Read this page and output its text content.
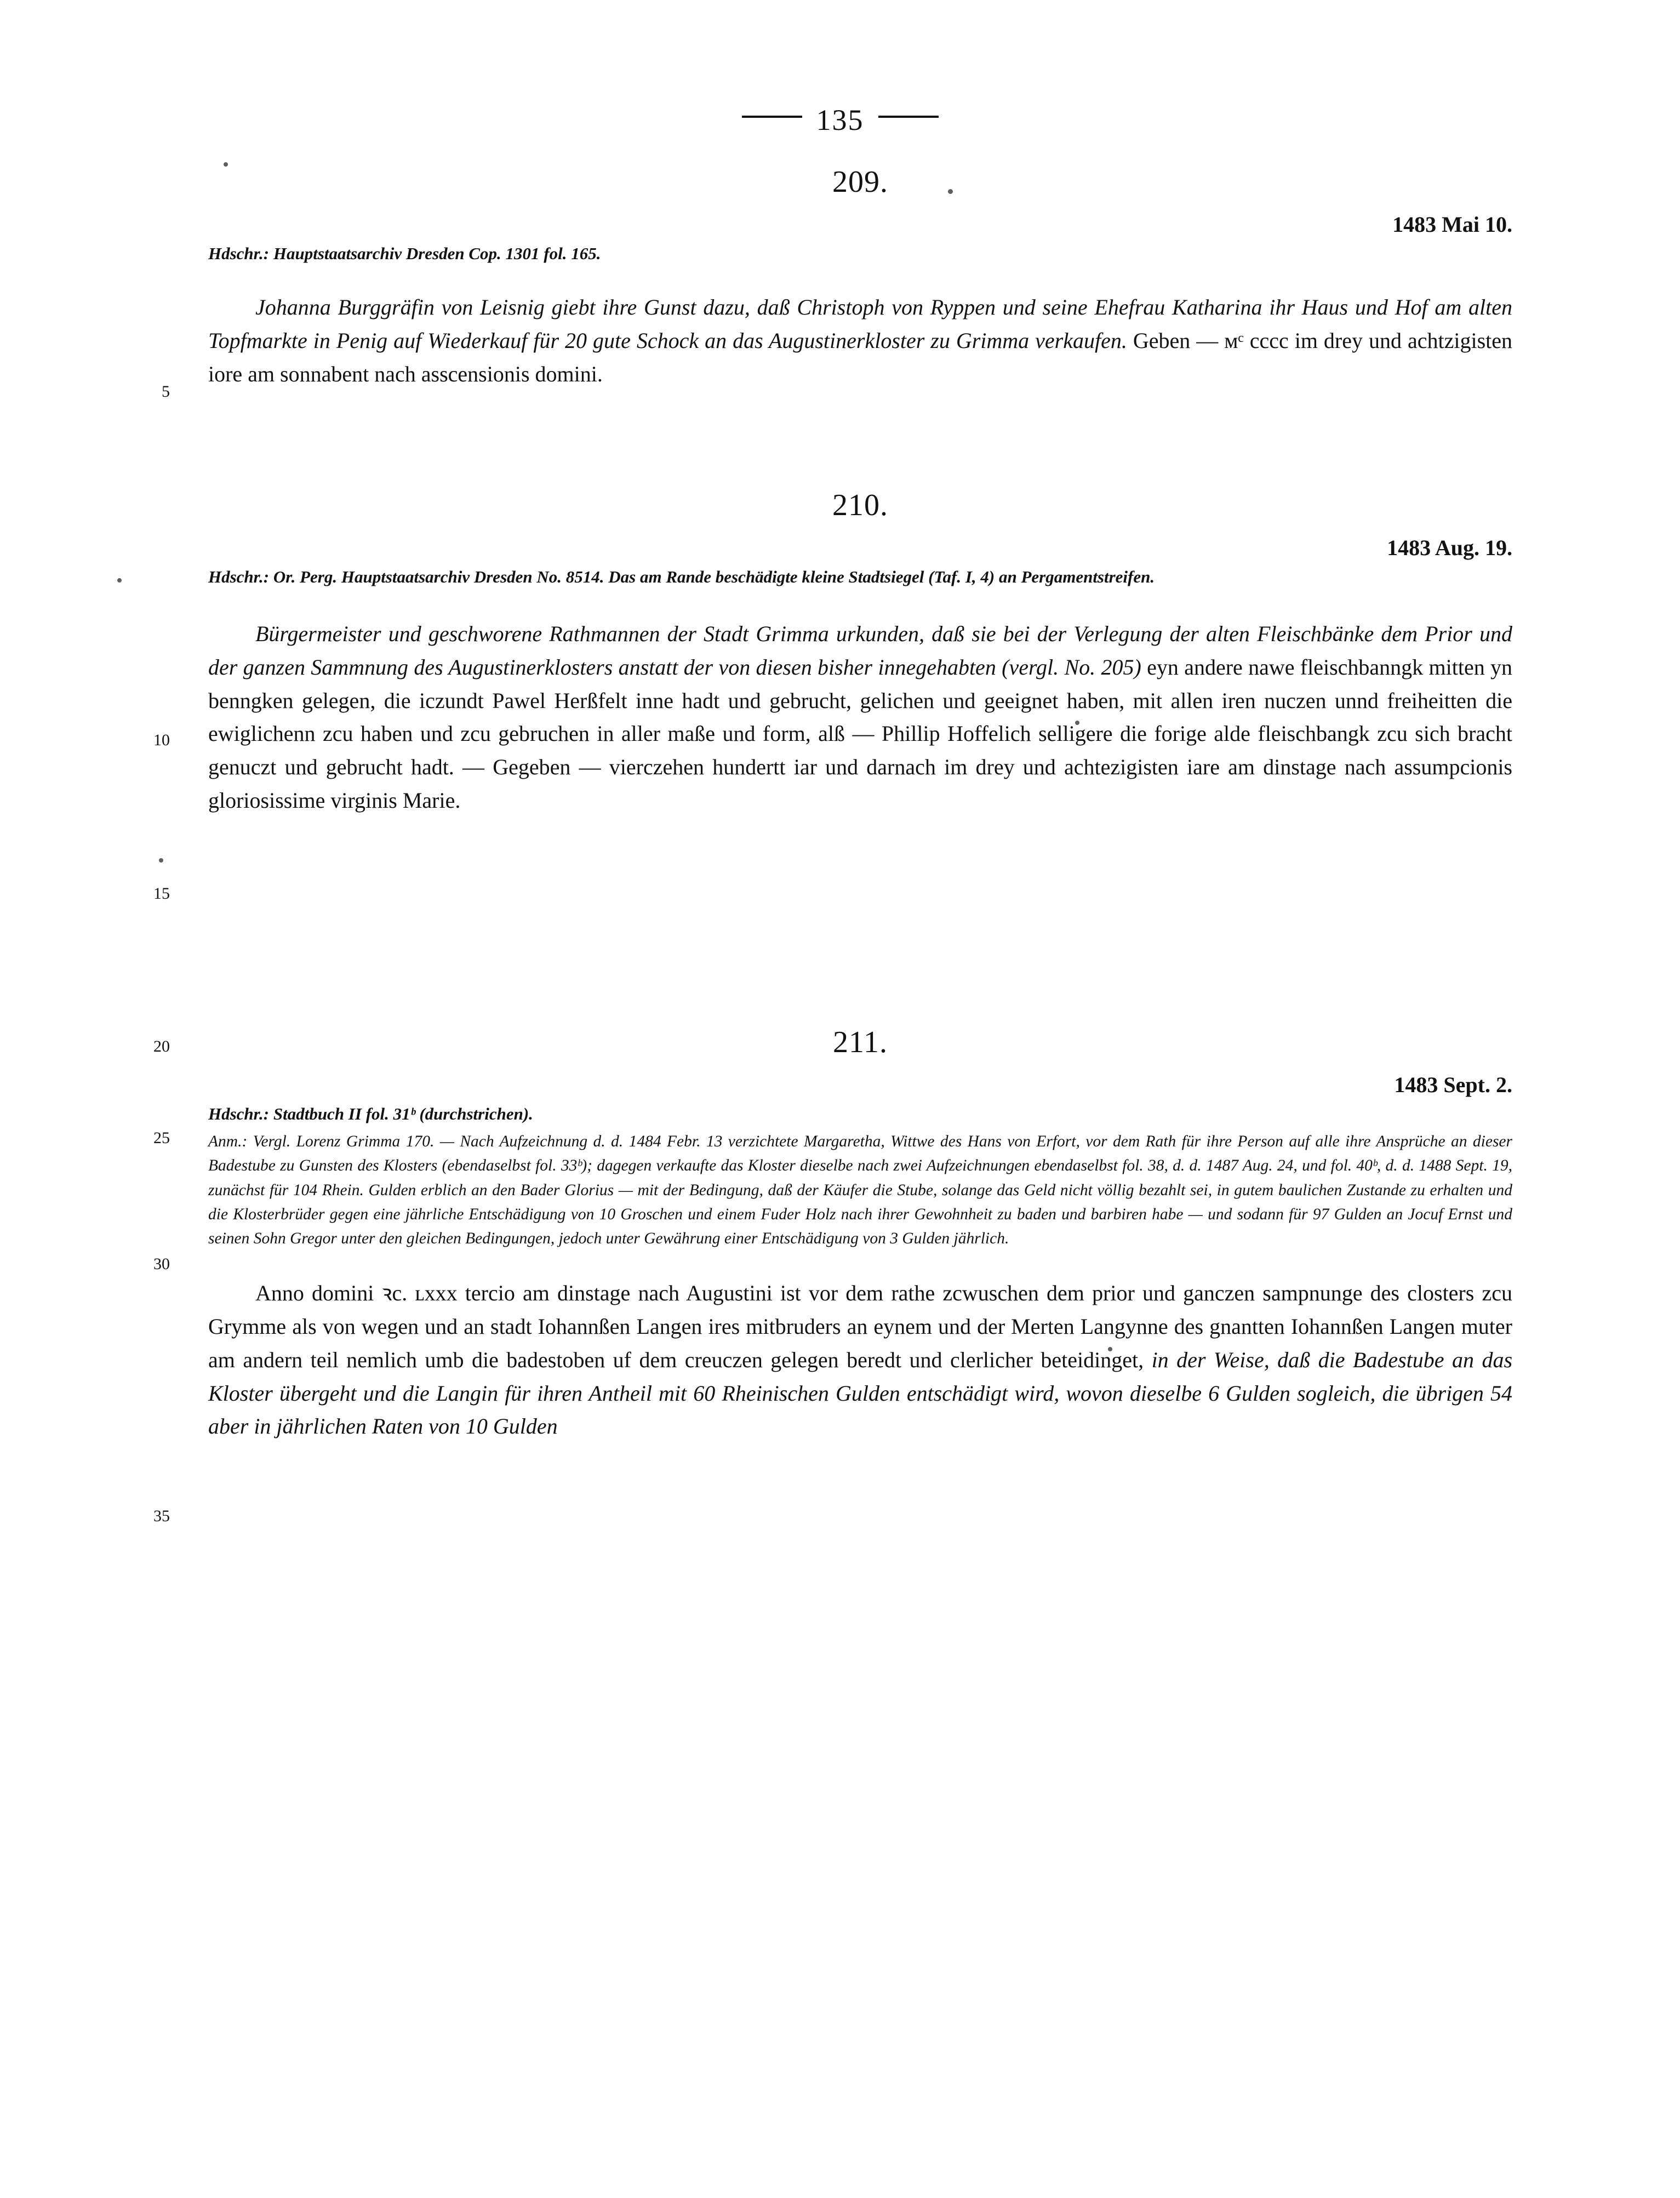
135
209.
1483 Mai 10.
Hdschr.: Hauptstaatsarchiv Dresden Cop. 1301 fol. 165.
5
Johanna Burggräfin von Leisnig giebt ihre Gunst dazu, daß Christoph von Ryppen und seine Ehefrau Katharina ihr Haus und Hof am alten Topfmarkte in Penig auf Wiederkauf für 20 gute Schock an das Augustinerkloster zu Grimma verkaufen. Geben — ᴍᶜ cccc im drey und achtzigisten iore am sonnabent nach asscensionis domini.
210.
1483 Aug. 19.
Hdschr.: Or. Perg. Hauptstaatsarchiv Dresden No. 8514. Das am Rande beschädigte kleine Stadtsiegel (Taf. I, 4) an Pergamentstreifen.
10
15
20
Bürgermeister und geschworene Rathmannen der Stadt Grimma urkunden, daß sie bei der Verlegung der alten Fleischbänke dem Prior und der ganzen Sammnung des Augustinerklosters anstatt der von diesen bisher innegehabten (vergl. No. 205) eyn andere nawe fleischbanngk mitten yn benngken gelegen, die iczundt Pawel Herßfelt inne hadt und gebrucht, gelichen und geeignet haben, mit allen iren nuczen unnd freiheitten die ewiglichenn zcu haben und zcu gebruchen in aller maße und form, alß — Phillip Hoffelich selligere die forige alde fleischbangk zcu sich bracht genuczt und gebrucht hadt. — Gegeben — vierczehen hundertt iar und darnach im drey und achtezigisten iare am dinstage nach assumpcionis gloriosissime virginis Marie.
211.
1483 Sept. 2.
Hdschr.: Stadtbuch II fol. 31ᵇ (durchstrichen).
Anm.: Vergl. Lorenz Grimma 170. — Nach Aufzeichnung d. d. 1484 Febr. 13 verzichtete Margaretha, Wittwe des Hans von Erfort, vor dem Rath für ihre Person auf alle ihre Ansprüche an dieser Badestube zu Gunsten des Klosters (ebendaselbst fol. 33ᵇ); dagegen verkaufte das Kloster dieselbe nach zwei Aufzeichnungen ebendaselbst fol. 38, d. d. 1487 Aug. 24, und fol. 40ᵇ, d. d. 1488 Sept. 19, zunächst für 104 Rhein. Gulden erblich an den Bader Glorius — mit der Bedingung, daß der Käufer die Stube, solange das Geld nicht völlig bezahlt sei, in gutem baulichen Zustande zu erhalten und die Klosterbrüder gegen eine jährliche Entschädigung von 10 Groschen und einem Fuder Holz nach ihrer Gewohnheit zu baden und barbiren habe — und sodann für 97 Gulden an Jocuf Ernst und seinen Sohn Gregor unter den gleichen Bedingungen, jedoch unter Gewährung einer Entschädigung von 3 Gulden jährlich.
25
30
35
Anno domini ꝛc. ʟxxx tercio am dinstage nach Augustini ist vor dem rathe zcwuschen dem prior und ganczen sampnunge des closters zcu Grymme als von wegen und an stadt Iohannßen Langen ires mitbruders an eynem und der Merten Langynne des gnantten Iohannßen Langen muter am andern teil nemlich umb die badestoben uf dem creuczen gelegen beredt und clerlicher beteidinget, in der Weise, daß die Badestube an das Kloster übergeht und die Langin für ihren Antheil mit 60 Rheinischen Gulden entschädigt wird, wovon dieselbe 6 Gulden sogleich, die übrigen 54 aber in jährlichen Raten von 10 Gulden
